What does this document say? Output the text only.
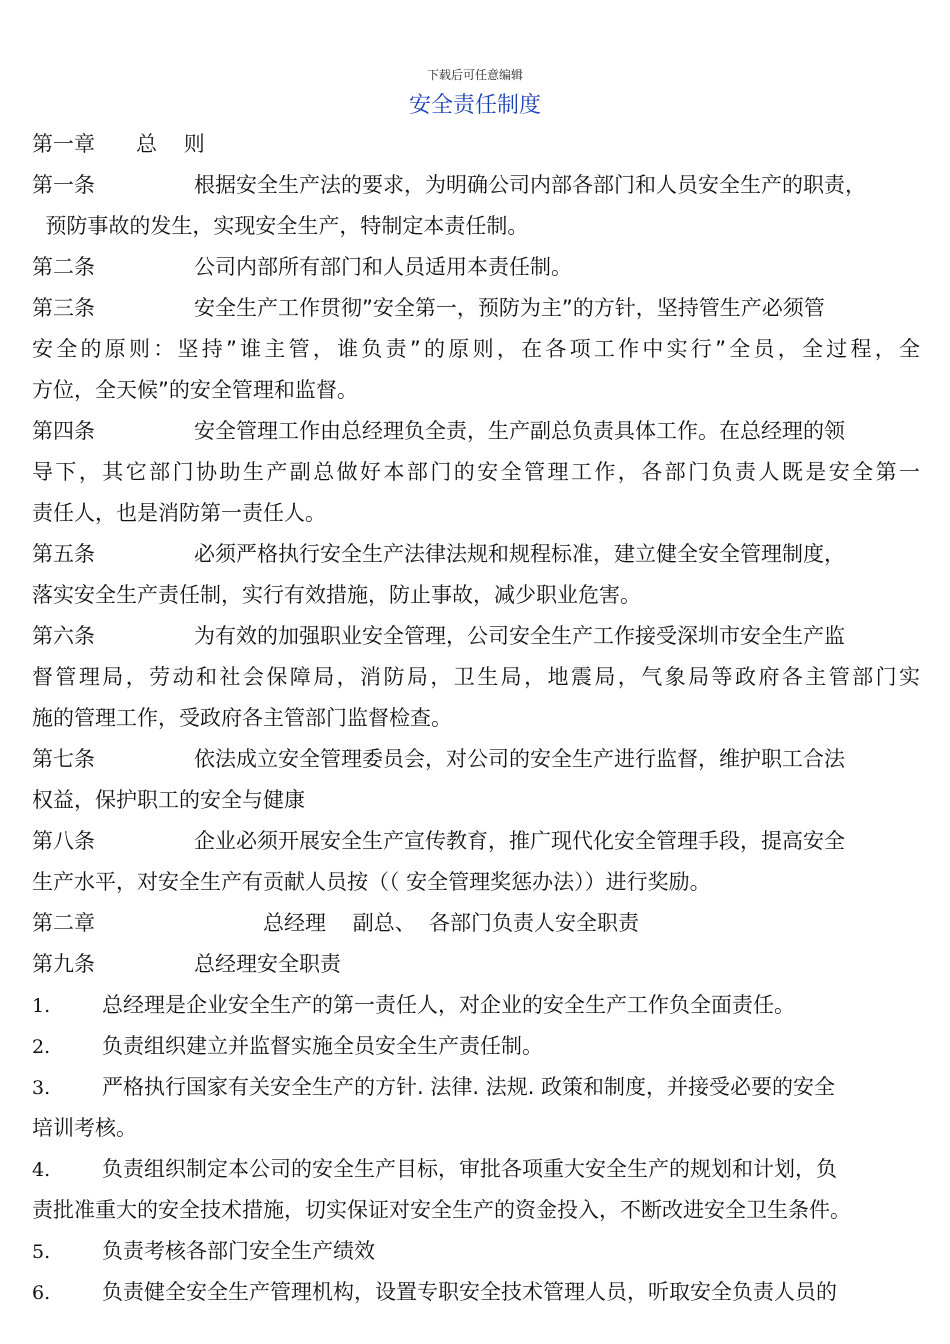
下载后可任意编辑
安全责任制度
第一章 总    则
第一条	根据安全生产法的要求，为明确公司内部各部门和人员安全生产的职责，
预防事故的发生，实现安全生产，特制定本责任制。
第二条	公司内部所有部门和人员适用本责任制。
第三条	安全生产工作贯彻”安全第一，预防为主”的方针，坚持管生产必须管
安全的原则：坚持”谁主管，谁负责”的原则，在各项工作中实行”全员，全过程，全
方位，全天候”的安全管理和监督。
第四条	安全管理工作由总经理负全责，生产副总负责具体工作。在总经理的领
导下，其它部门协助生产副总做好本部门的安全管理工作，各部门负责人既是安全第一
责任人，也是消防第一责任人。
第五条	必须严格执行安全生产法律法规和规程标准，建立健全安全管理制度，
落实安全生产责任制，实行有效措施，防止事故，减少职业危害。
第六条	为有效的加强职业安全管理，公司安全生产工作接受深圳市安全生产监
督管理局，劳动和社会保障局，消防局，卫生局，地震局，气象局等政府各主管部门实
施的管理工作，受政府各主管部门监督检查。
第七条	依法成立安全管理委员会，对公司的安全生产进行监督，维护职工合法
权益，保护职工的安全与健康
第八条	企业必须开展安全生产宣传教育，推广现代化安全管理手段，提高安全
生产水平，对安全生产有贡献人员按（（ 安全管理奖惩办法））进行奖励。
第二章	总经理    副总、  各部门负责人安全职责
第九条	总经理安全职责
1. 总经理是企业安全生产的第一责任人，对企业的安全生产工作负全面责任。
2. 负责组织建立并监督实施全员安全生产责任制。
3. 严格执行国家有关安全生产的方针. 法律. 法规. 政策和制度，并接受必要的安全
培训考核。
4. 负责组织制定本公司的安全生产目标，审批各项重大安全生产的规划和计划，负
责批准重大的安全技术措施，切实保证对安全生产的资金投入，不断改进安全卫生条件。
5. 负责考核各部门安全生产绩效
6. 负责健全安全生产管理机构，设置专职安全技术管理人员，听取安全负责人员的
